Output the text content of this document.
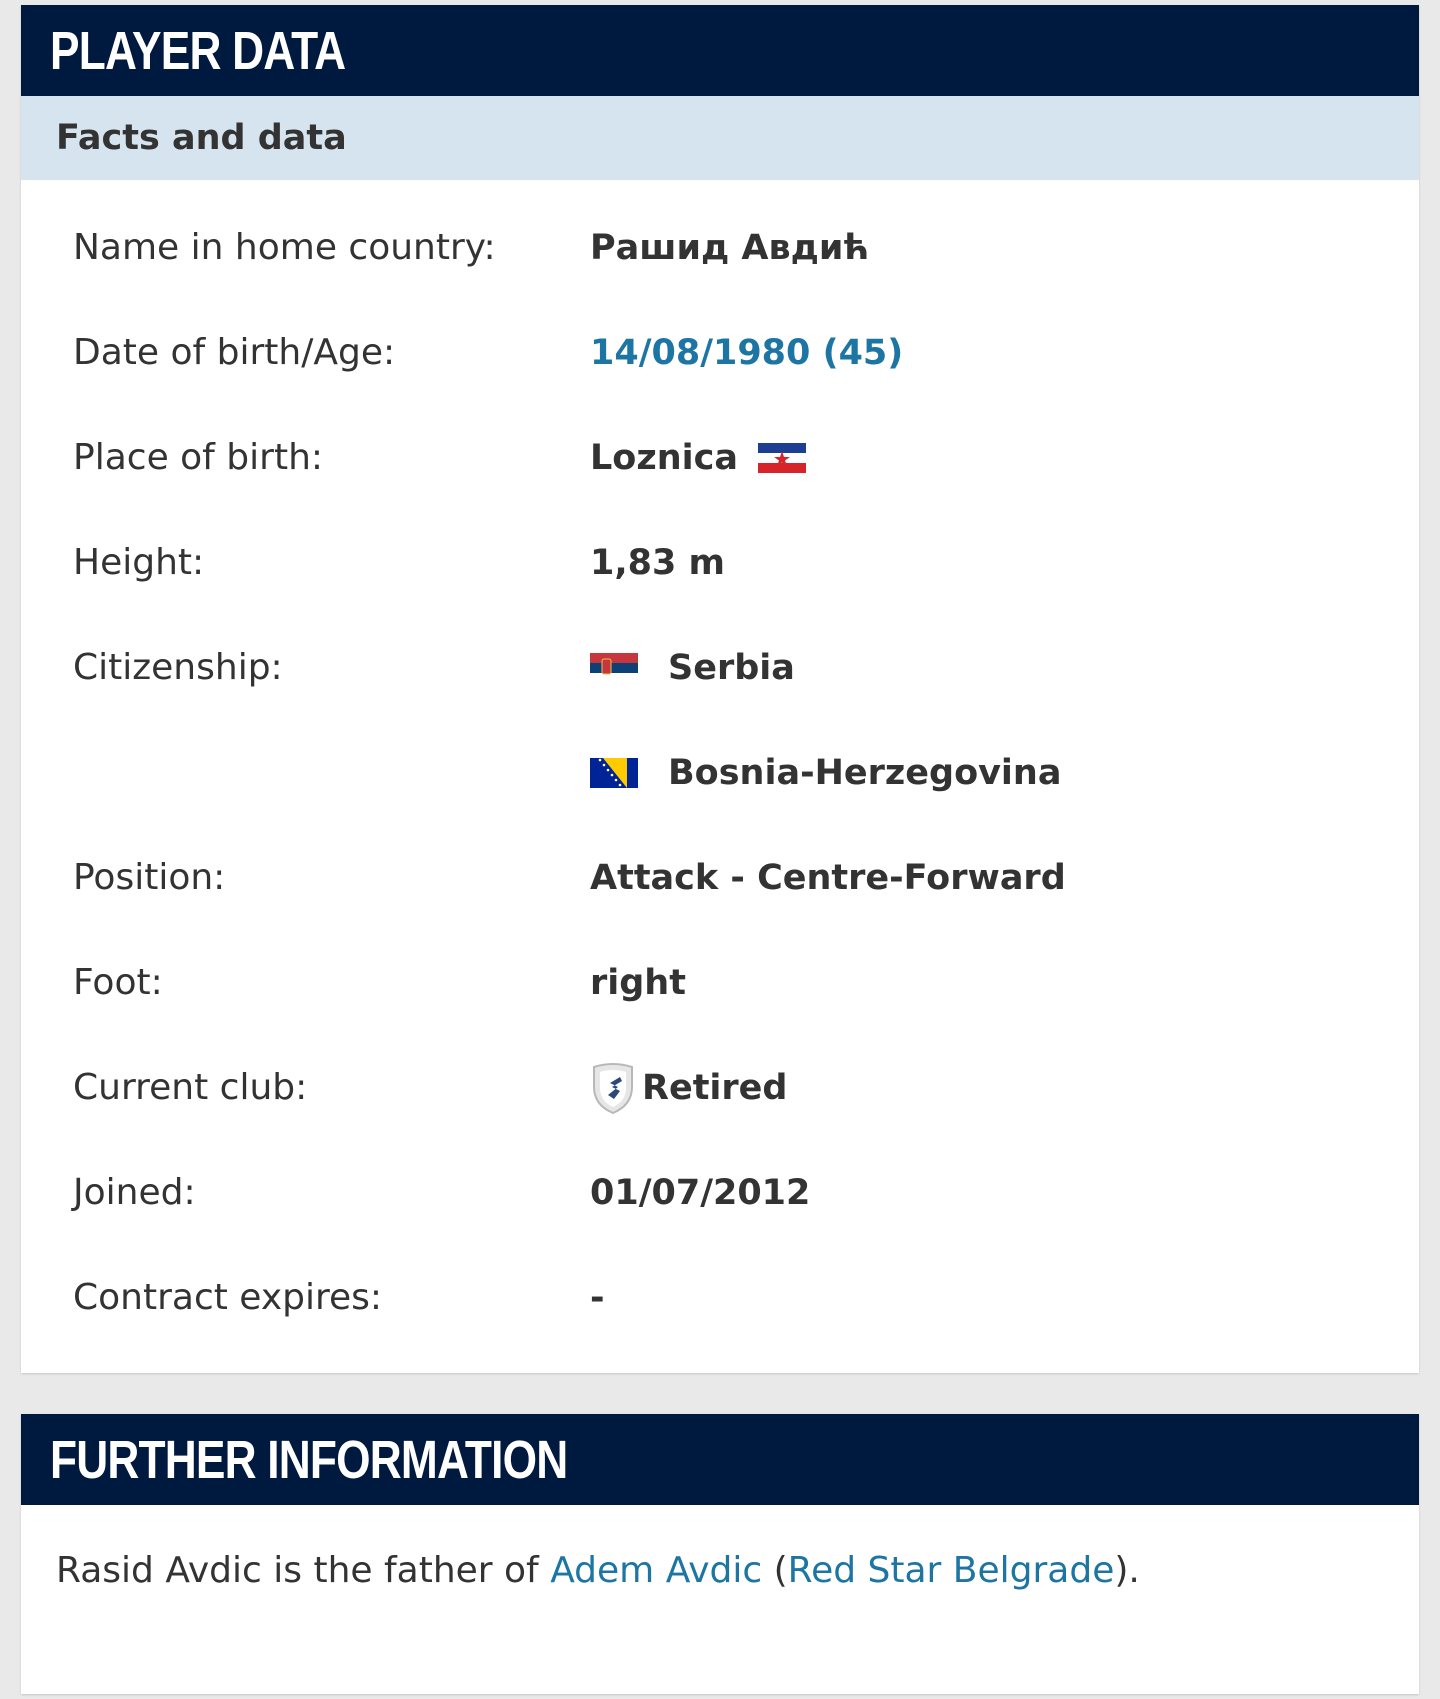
PLAYER DATA
Facts and data
Name in home country:	Рашид Авдић
Date of birth/Age:	14/08/1980 (45)
Place of birth:	Loznica
Height:	1,83 m
Citizenship:	Serbia
Bosnia-Herzegovina
Position:	Attack - Centre-Forward
Foot:	right
Current club:	Retired
Joined:	01/07/2012
Contract expires:	-
FURTHER INFORMATION
Rasid Avdic is the father of Adem Avdic (Red Star Belgrade).
